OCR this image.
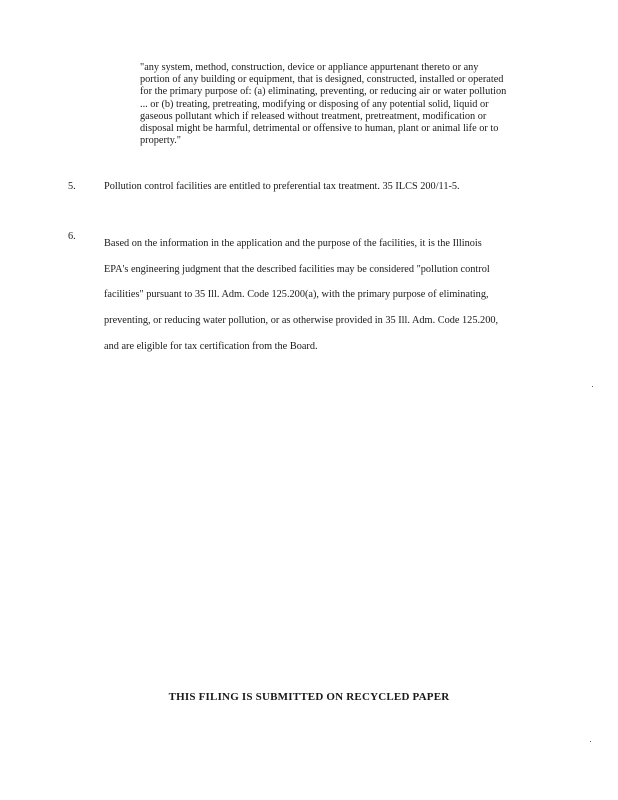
"any system, method, construction, device or appliance appurtenant thereto or any
portion of any building or equipment, that is designed, constructed, installed or operated
for the primary purpose of: (a) eliminating, preventing, or reducing air or water pollution
... or (b) treating, pretreating, modifying or disposing of any potential solid, liquid or
gaseous pollutant which if released without treatment, pretreatment, modification or
disposal might be harmful, detrimental or offensive to human, plant or animal life or to
property."
5.	Pollution control facilities are entitled to preferential tax treatment. 35 ILCS 200/11-5.
6.
Based on the information in the application and the purpose of the facilities, it is the Illinois
EPA's engineering judgment that the described facilities may be considered "pollution control
facilities" pursuant to 35 Ill. Adm. Code 125.200(a), with the primary purpose of eliminating,
preventing, or reducing water pollution, or as otherwise provided in 35 Ill. Adm. Code 125.200,
and are eligible for tax certification from the Board.
THIS FILING IS SUBMITTED ON RECYCLED PAPER
